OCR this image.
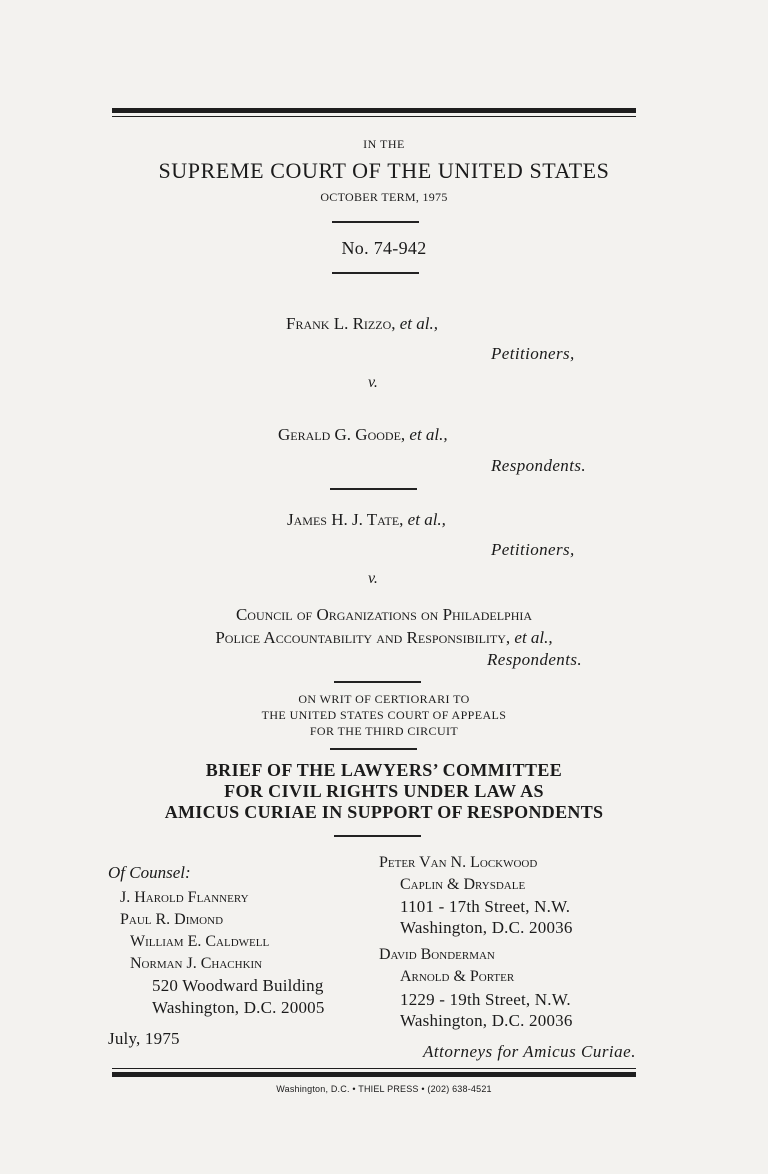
IN THE
SUPREME COURT OF THE UNITED STATES
OCTOBER TERM, 1975
No. 74-942
Frank L. Rizzo, et al.,
Petitioners,
v.
Gerald G. Goode, et al.,
Respondents.
James H. J. Tate, et al.,
Petitioners,
v.
Council of Organizations on Philadelphia
Police Accountability and Responsibility, et al.,
Respondents.
ON WRIT OF CERTIORARI TO
THE UNITED STATES COURT OF APPEALS
FOR THE THIRD CIRCUIT
BRIEF OF THE LAWYERS’ COMMITTEE
FOR CIVIL RIGHTS UNDER LAW AS
AMICUS CURIAE IN SUPPORT OF RESPONDENTS
Of Counsel:
J. Harold Flannery
Paul R. Dimond
William E. Caldwell
Norman J. Chachkin
520 Woodward Building
Washington, D.C. 20005
July, 1975
Peter Van N. Lockwood
Caplin & Drysdale
1101 - 17th Street, N.W.
Washington, D.C. 20036
David Bonderman
Arnold & Porter
1229 - 19th Street, N.W.
Washington, D.C. 20036
Attorneys for Amicus Curiae.
Washington, D.C. • THIEL PRESS • (202) 638-4521
